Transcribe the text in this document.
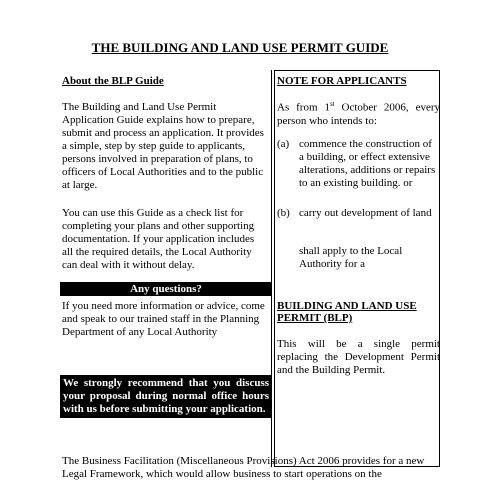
THE BUILDING AND LAND USE PERMIT GUIDE
About the BLP Guide
The Building and Land Use Permit Application Guide explains how to prepare, submit and process an application. It provides a simple, step by step guide to applicants, persons involved in preparation of plans, to officers of Local Authorities and to the public at large.
You can use this Guide as a check list for completing your plans and other supporting documentation. If your application includes all the required details, the Local Authority can deal with it without delay.
Any questions?
If you need more information or advice, come and speak to our trained staff in the Planning Department of any Local Authority
We strongly recommend that you discuss your proposal during normal office hours with us before submitting your application.
NOTE FOR APPLICANTS
As from 1st October 2006, every person who intends to:
(a) commence the construction of a building, or effect extensive alterations, additions or repairs to an existing building. or
(b) carry out development of land
shall apply to the Local Authority for a
BUILDING AND LAND USE PERMIT (BLP)
This will be a single permit replacing the Development Permit and the Building Permit.
The Business Facilitation (Miscellaneous Provisions) Act 2006 provides for a new Legal Framework, which would allow business to start operations on the
